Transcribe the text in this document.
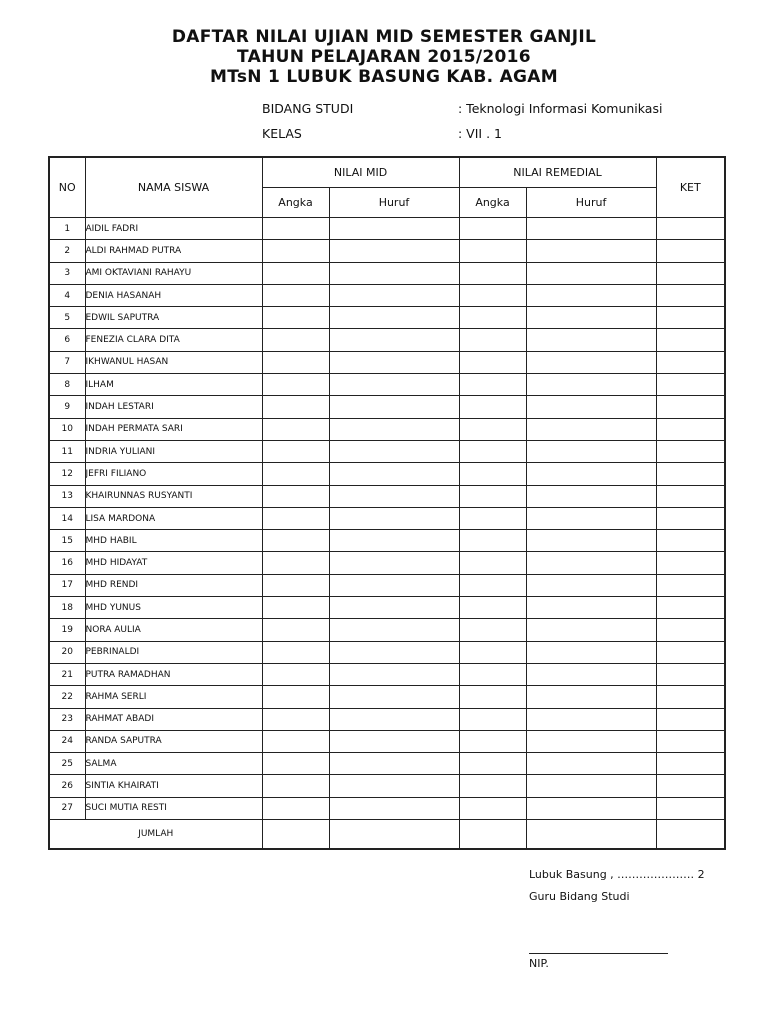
DAFTAR NILAI UJIAN MID SEMESTER GANJIL
TAHUN PELAJARAN 2015/2016
MTsN 1 LUBUK BASUNG KAB. AGAM
BIDANG STUDI	: Teknologi Informasi Komunikasi
KELAS	: VII . 1
NO	NAMA SISWA	NILAI MID		NILAI REMEDIAL		KET
		Angka	Huruf	Angka	Huruf	
1	AIDIL FADRI					
2	ALDI RAHMAD PUTRA					
3	AMI OKTAVIANI RAHAYU					
4	DENIA HASANAH					
5	EDWIL SAPUTRA					
6	FENEZIA CLARA DITA					
7	IKHWANUL HASAN					
8	ILHAM					
9	INDAH LESTARI					
10	INDAH PERMATA SARI					
11	INDRIA YULIANI					
12	JEFRI FILIANO					
13	KHAIRUNNAS RUSYANTI					
14	LISA MARDONA					
15	MHD HABIL					
16	MHD HIDAYAT					
17	MHD RENDI					
18	MHD YUNUS					
19	NORA AULIA					
20	PEBRINALDI					
21	PUTRA RAMADHAN					
22	RAHMA SERLI					
23	RAHMAT ABADI					
24	RANDA SAPUTRA					
25	SALMA					
26	SINTIA KHAIRATI					
27	SUCI MUTIA RESTI					
JUMLAH						
Lubuk Basung , ………………… 2
Guru Bidang Studi
NIP.
